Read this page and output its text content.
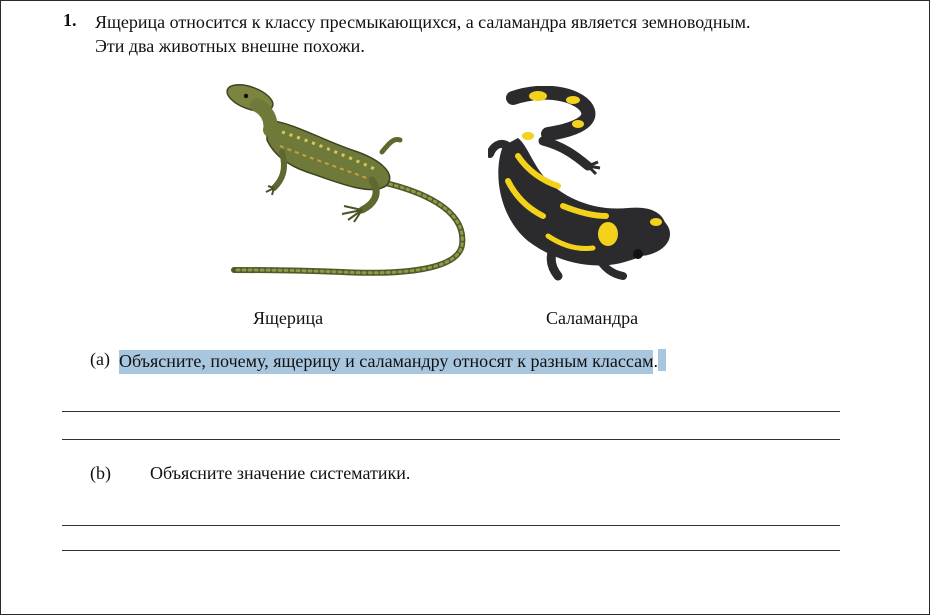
1. Ящерица относится к классу пресмыкающихся, а саламандра является земноводным.
Эти два животных внешне похожи.
Ящерица	Саламандра
(a) Объясните, почему, ящерицу и саламандру относят к разным классам.
(b) Объясните значение систематики.
